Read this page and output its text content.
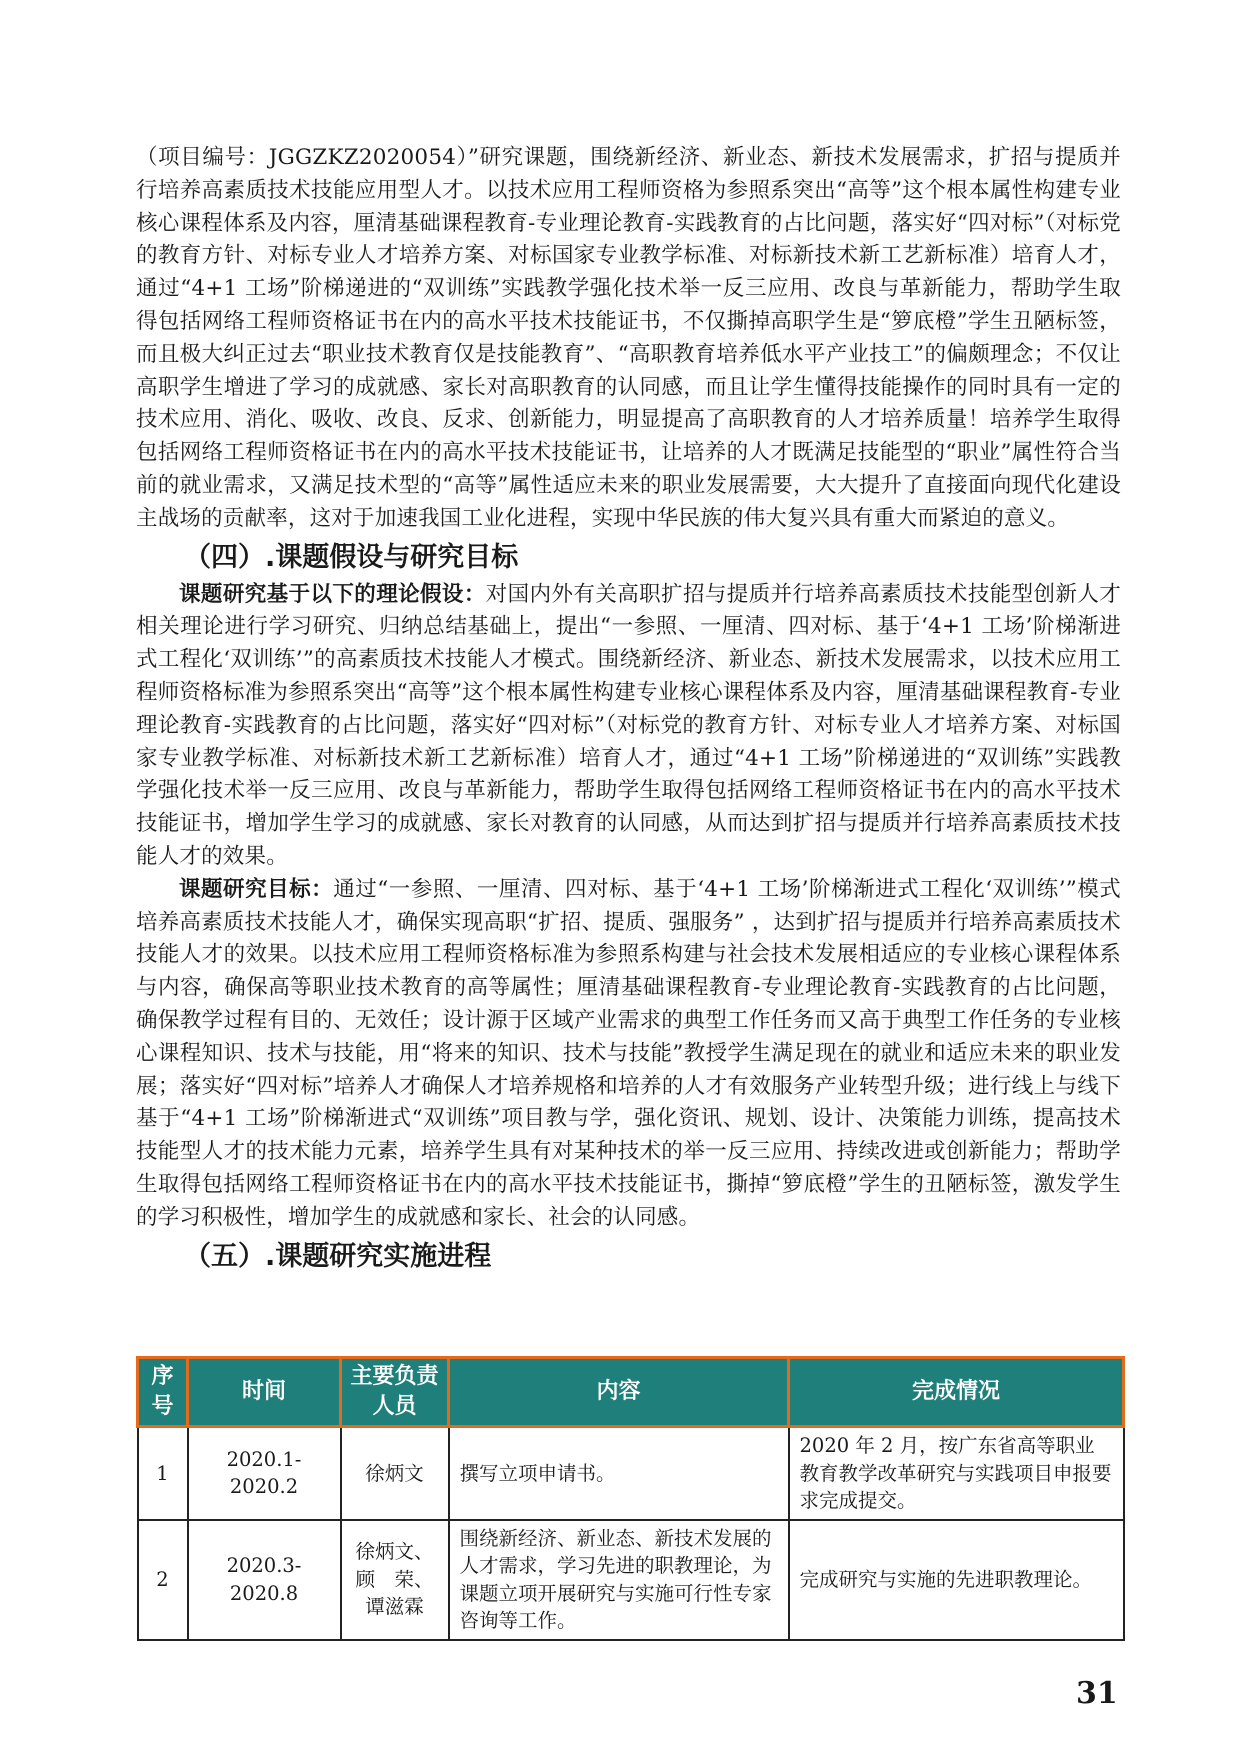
（项目编号：JGGZKZ2020054）”研究课题，围绕新经济、新业态、新技术发展需求，扩招与提质并行培养高素质技术技能应用型人才。以技术应用工程师资格为参照系突出“高等”这个根本属性构建专业核心课程体系及内容，厘清基础课程教育-专业理论教育-实践教育的占比问题，落实好“四对标”（对标党的教育方针、对标专业人才培养方案、对标国家专业教学标准、对标新技术新工艺新标准）培育人才，通过“4+1 工场”阶梯递进的“双训练”实践教学强化技术举一反三应用、改良与革新能力，帮助学生取得包括网络工程师资格证书在内的高水平技术技能证书，不仅撕掉高职学生是“箩底橙”学生丑陋标签，而且极大纠正过去“职业技术教育仅是技能教育”、“高职教育培养低水平产业技工”的偏颇理念；不仅让高职学生增进了学习的成就感、家长对高职教育的认同感，而且让学生懂得技能操作的同时具有一定的技术应用、消化、吸收、改良、反求、创新能力，明显提高了高职教育的人才培养质量！培养学生取得包括网络工程师资格证书在内的高水平技术技能证书，让培养的人才既满足技能型的“职业”属性符合当前的就业需求，又满足技术型的“高等”属性适应未来的职业发展需要，大大提升了直接面向现代化建设主战场的贡献率，这对于加速我国工业化进程，实现中华民族的伟大复兴具有重大而紧迫的意义。

（四）.课题假设与研究目标

课题研究基于以下的理论假设：对国内外有关高职扩招与提质并行培养高素质技术技能型创新人才相关理论进行学习研究、归纳总结基础上，提出“一参照、一厘清、四对标、基于‘4+1 工场’阶梯渐进式工程化‘双训练’”的高素质技术技能人才模式。围绕新经济、新业态、新技术发展需求，以技术应用工程师资格标准为参照系突出“高等”这个根本属性构建专业核心课程体系及内容，厘清基础课程教育-专业理论教育-实践教育的占比问题，落实好“四对标”（对标党的教育方针、对标专业人才培养方案、对标国家专业教学标准、对标新技术新工艺新标准）培育人才，通过“4+1 工场”阶梯递进的“双训练”实践教学强化技术举一反三应用、改良与革新能力，帮助学生取得包括网络工程师资格证书在内的高水平技术技能证书，增加学生学习的成就感、家长对教育的认同感，从而达到扩招与提质并行培养高素质技术技能人才的效果。

课题研究目标：通过“一参照、一厘清、四对标、基于‘4+1 工场’阶梯渐进式工程化‘双训练’”模式培养高素质技术技能人才，确保实现高职“扩招、提质、强服务” ，达到扩招与提质并行培养高素质技术技能人才的效果。以技术应用工程师资格标准为参照系构建与社会技术发展相适应的专业核心课程体系与内容，确保高等职业技术教育的高等属性；厘清基础课程教育-专业理论教育-实践教育的占比问题，确保教学过程有目的、无效任；设计源于区域产业需求的典型工作任务而又高于典型工作任务的专业核心课程知识、技术与技能，用“将来的知识、技术与技能”教授学生满足现在的就业和适应未来的职业发展；落实好“四对标”培养人才确保人才培养规格和培养的人才有效服务产业转型升级；进行线上与线下基于“4+1 工场”阶梯渐进式“双训练”项目教与学，强化资讯、规划、设计、决策能力训练，提高技术技能型人才的技术能力元素，培养学生具有对某种技术的举一反三应用、持续改进或创新能力；帮助学生取得包括网络工程师资格证书在内的高水平技术技能证书，撕掉“箩底橙”学生的丑陋标签，激发学生的学习积极性，增加学生的成就感和家长、社会的认同感。

（五）.课题研究实施进程
序号	时间	主要负责人员	内容	完成情况
1	2020.1-2020.2	徐炳文	撰写立项申请书。	2020 年 2 月，按广东省高等职业教育教学改革研究与实践项目申报要求完成提交。
2	2020.3-2020.8	徐炳文、顾　荣、谭滋霖	围绕新经济、新业态、新技术发展的人才需求，学习先进的职教理论，为课题立项开展研究与实施可行性专家咨询等工作。	完成研究与实施的先进职教理论。
31
